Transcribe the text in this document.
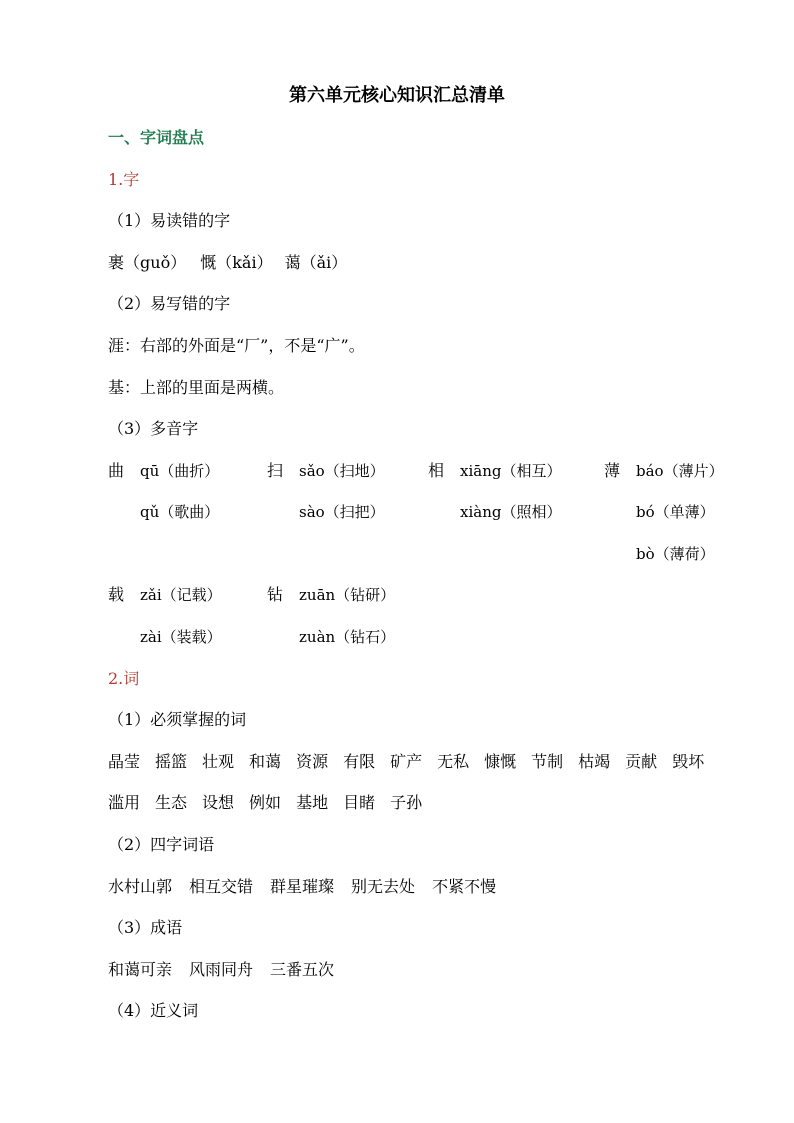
第六单元核心知识汇总清单
一、字词盘点
1.字
（1）易读错的字
裹（guǒ） 慨（kǎi） 蔼（ǎi）
（2）易写错的字
涯：右部的外面是“厂”，不是“广”。
基：上部的里面是两横。
（3）多音字
曲 qū（曲折）
qǔ（歌曲）
扫 sǎo（扫地）
sào（扫把）
相 xiāng（相互）
xiàng（照相）
薄 báo（薄片）
bó（单薄）
bò（薄荷）
载 zǎi（记载）
zài（装载）
钻 zuān（钻研）
zuàn（钻石）
2.词
（1）必须掌握的词
晶莹 摇篮 壮观 和蔼 资源 有限 矿产 无私 慷慨 节制 枯竭 贡献 毁坏
滥用 生态 设想 例如 基地 目睹 子孙
（2）四字词语
水村山郭 相互交错 群星璀璨 别无去处 不紧不慢
（3）成语
和蔼可亲 风雨同舟 三番五次
（4）近义词
